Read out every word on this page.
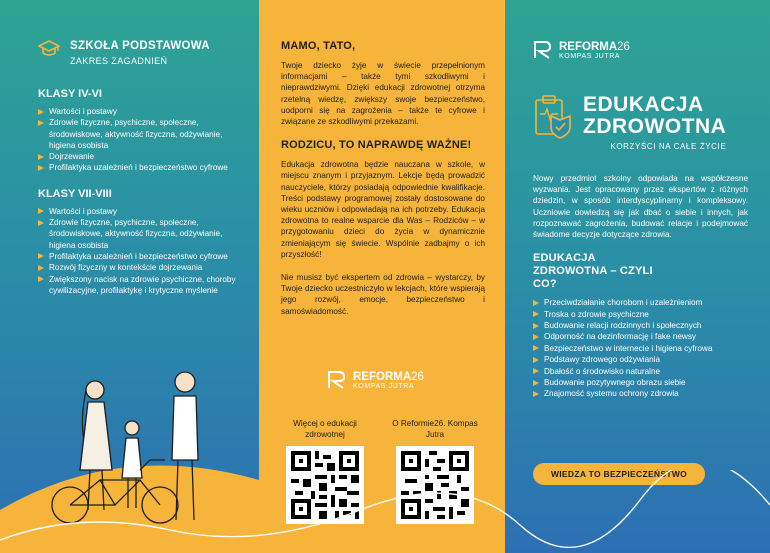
SZKOŁA PODSTAWOWA
ZAKRES ZAGADNIEŃ
KLASY IV-VI
Wartości i postawy
Zdrowie fizyczne, psychiczne, społeczne, środowiskowe, aktywność fizyczna, odżywianie, higiena osobista
Dojrzewanie
Profilaktyka uzależnień i bezpieczeństwo cyfrowe
KLASY VII-VIII
Wartości i postawy
Zdrowie fizyczne, psychiczne, społeczne, środowiskowe, aktywność fizyczna, odżywianie, higiena osobista
Profilaktyka uzależnień i bezpieczeństwo cyfrowe
Rozwój fizyczny w kontekście dojrzewania
Zwiększony nacisk na zdrowie psychiczne, choroby cywilizacyjne, profilaktykę i krytyczne myślenie
MAMO, TATO,

Twoje dziecko żyje w świecie przepełnionym informacjami – także tymi szkodliwymi i nieprawdziwymi. Dzięki edukacji zdrowotnej otrzyma rzetelną wiedzę, zwiększy swoje bezpieczeństwo, uodporni się na zagrożenia – także te cyfrowe i związane ze szkodliwymi przekazami.

RODZICU, TO NAPRAWDĘ WAŻNE!

Edukacja zdrowotna będzie nauczana w szkole, w miejscu znanym i przyjaznym. Lekcje będą prowadzić nauczyciele, którzy posiadają odpowiednie kwalifikacje. Treści podstawy programowej zostały dostosowane do wieku uczniów i odpowiadają na ich potrzeby. Edukacja zdrowotna to realne wsparcie dla Was – Rodziców – w przygotowaniu dzieci do życia w dynamicznie zmieniającym się świecie. Wspólnie zadbajmy o ich przyszłość!

Nie musisz być ekspertem od zdrowia – wystarczy, by Twoje dziecko uczestniczyło w lekcjach, które wspierają jego rozwój, emocje, bezpieczeństwo i samoświadomość.

REFORMA26
KOMPAS JUTRA
Więcej o edukacji zdrowotnej
O Reformie26. Kompas Jutra
REFORMA26
KOMPAS JUTRA
EDUKACJA
ZDROWOTNA
KORZYŚCI NA CAŁE ŻYCIE

Nowy przedmiot szkolny odpowiada na współczesne wyzwania. Jest opracowany przez ekspertów z różnych dziedzin, w sposób interdyscyplinarny i kompleksowy. Uczniowie dowiedzą się jak dbać o siebie i innych, jak rozpoznawać zagrożenia, budować relacje i podejmować świadome decyzje dotyczące zdrowia.

EDUKACJA ZDROWOTNA – CZYLI CO?
Przeciwdziałanie chorobom i uzależnieniom
Troska o zdrowie psychiczne
Budowanie relacji rodzinnych i społecznych
Odporność na dezinformację i fake newsy
Bezpieczeństwo w internecie i higiena cyfrowa
Podstawy zdrowego odżywiania
Dbałość o środowisko naturalne
Budowanie pozytywnego obrazu siebie
Znajomość systemu ochrony zdrowia
WIEDZA TO BEZPIECZEŃSTWO
